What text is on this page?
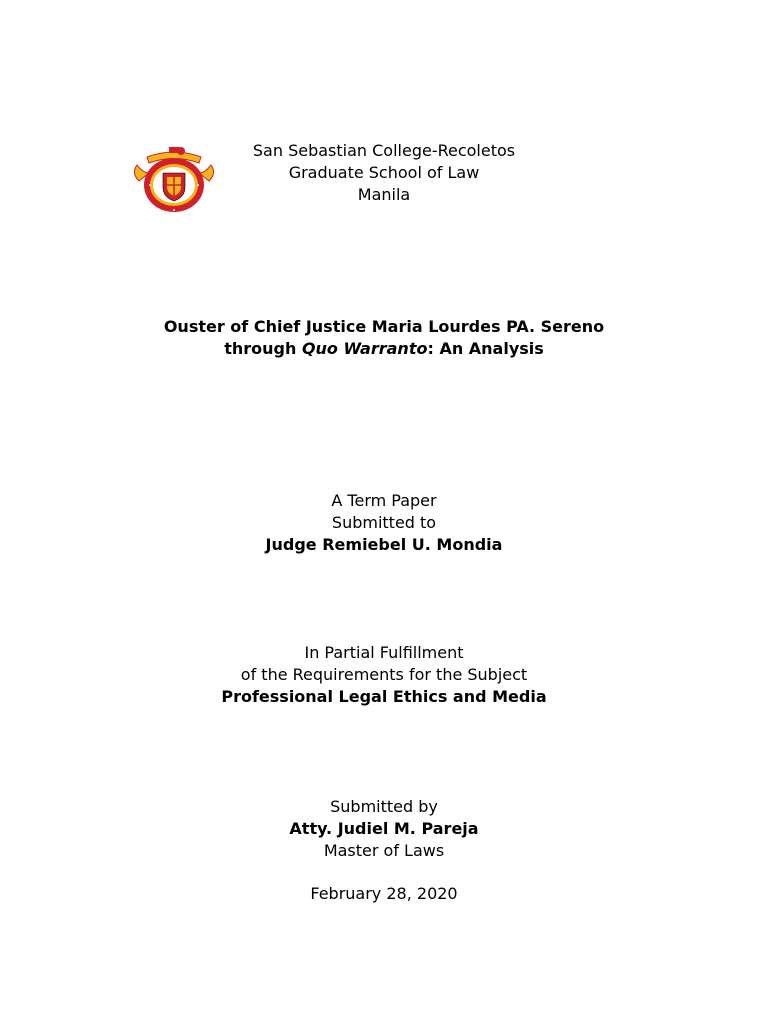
San Sebastian College-Recoletos
Graduate School of Law
Manila
Ouster of Chief Justice Maria Lourdes PA. Sereno
through Quo Warranto: An Analysis
A Term Paper
Submitted to
Judge Remiebel U. Mondia
In Partial Fulfillment
of the Requirements for the Subject
Professional Legal Ethics and Media
Submitted by
Atty. Judiel M. Pareja
Master of Laws
February 28, 2020
